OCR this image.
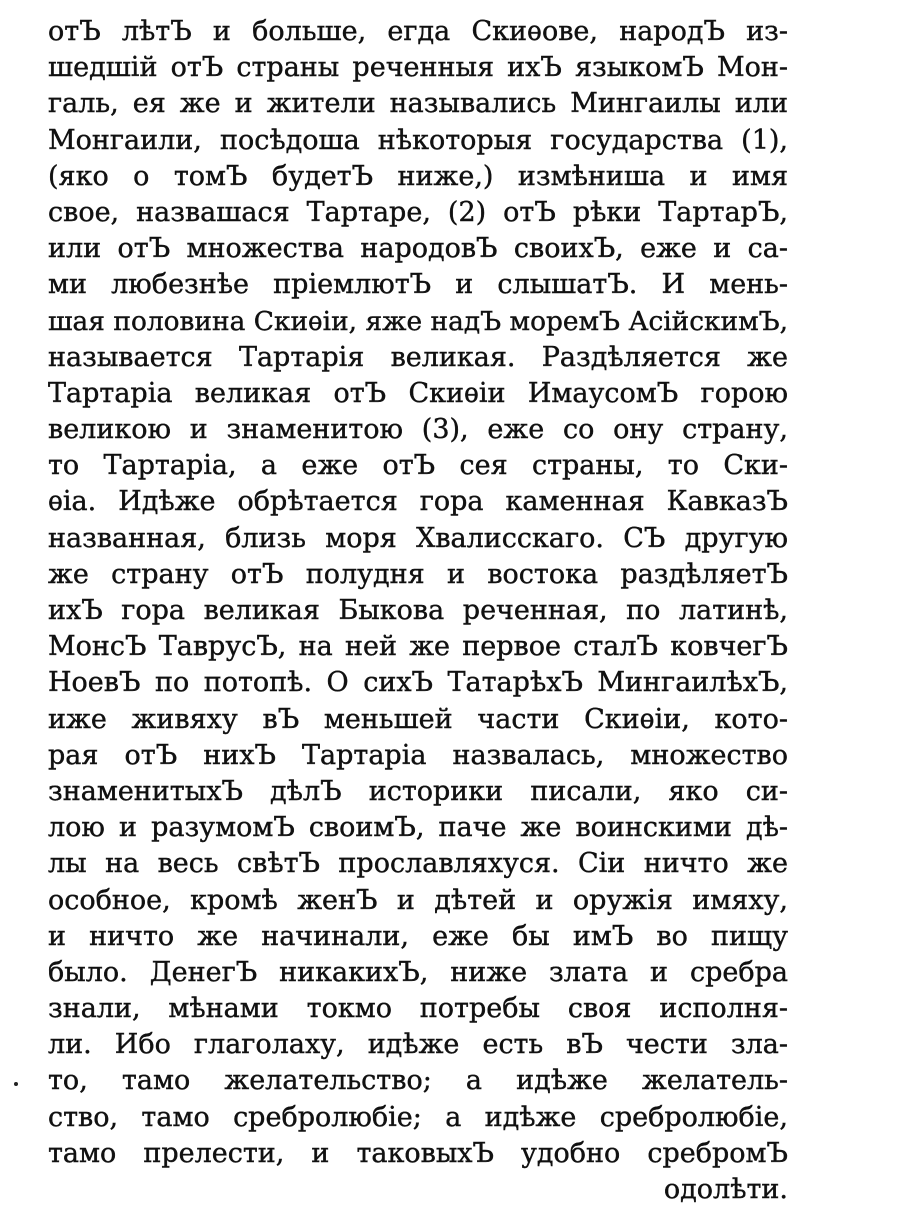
отЪ лѣтЪ и больше, егда Скиѳове, народЪ из-
шедшiй отЪ страны реченныя ихЪ языкомЪ Мон-
галь, ея же и жители назывались Мингаилы или
Монгаили, посѣдоша нѣкоторыя государства (1),
(яко о томЪ будетЪ ниже,) измѣниша и имя
свое, назвашася Тартаре, (2) отЪ рѣки ТартарЪ,
или отЪ множества народовЪ своихЪ, еже и са-
ми любезнѣе прiемлютЪ и слышатЪ. И мень-
шая половина Скиѳiи, яже надЪ моремЪ АсiйскимЪ,
называется Тартарiя великая. Раздѣляется же
Тартарiа великая отЪ Скиѳiи ИмаусомЪ горою
великою и знаменитою (3), еже со ону страну,
то Тартарiа, а еже отЪ сея страны, то Ски-
ѳiа. Идѣже обрѣтается гора каменная КавказЪ
названная, близь моря Хвалисскаго. СЪ другую
же страну отЪ полудня и востока раздѣляетЪ
ихЪ гора великая Быкова реченная, по латинѣ,
МонсЪ ТаврусЪ, на ней же первое сталЪ ковчегЪ
НоевЪ по потопѣ. О сихЪ ТатарѣхЪ МингаилѣхЪ,
иже живяху вЪ меньшей части Скиѳiи, кото-
рая отЪ нихЪ Тартарiа назвалась, множество
знаменитыхЪ дѣлЪ историки писали, яко си-
лою и разумомЪ своимЪ, паче же воинскими дѣ-
лы на весь свѣтЪ прославляхуся. Сiи ничто же
особное, кромѣ женЪ и дѣтей и оружiя имяху,
и ничто же начинали, еже бы имЪ во пищу
было. ДенегЪ никакихЪ, ниже злата и сребра
знали, мѣнами токмо потребы своя исполня-
ли. Ибо глаголаху, идѣже есть вЪ чести зла-
то, тамо желательство; а идѣже желатель-
ство, тамо сребролюбiе; а идѣже сребролюбiе,
тамо прелести, и таковыхЪ удобно сребромЪ
одолѣти.
